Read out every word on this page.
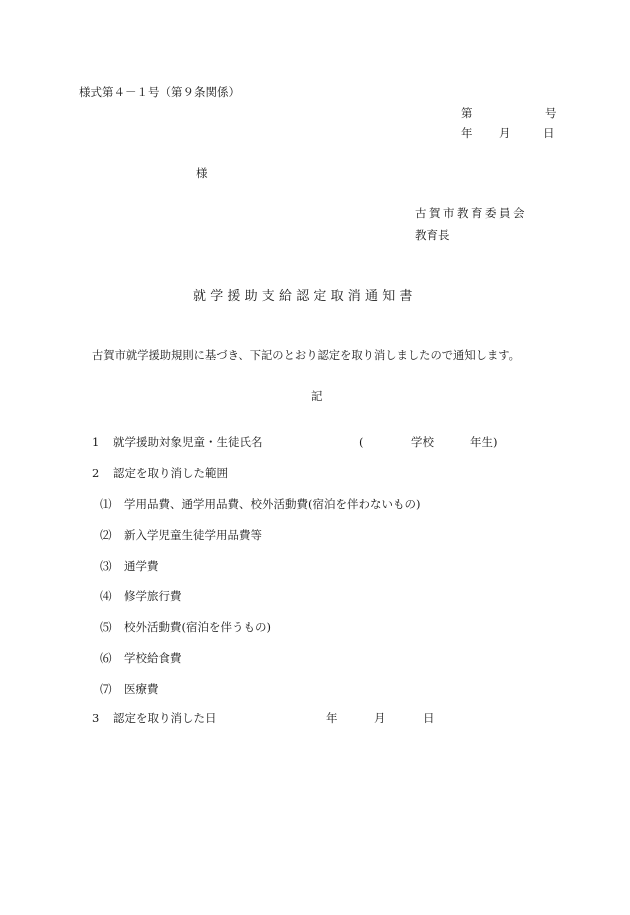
様式第４－１号（第９条関係）
第	号
年 月	日
様
古賀市教育委員会
教育長
就学援助支給認定取消通知書
古賀市就学援助規則に基づき、下記のとおり認定を取り消しましたので通知します。
記
1 就学援助対象児童・生徒氏名	(	学校	年生)
2 認定を取り消した範囲
⑴ 学用品費、通学用品費、校外活動費(宿泊を伴わないもの)
⑵ 新入学児童生徒学用品費等
⑶ 通学費
⑷ 修学旅行費
⑸ 校外活動費(宿泊を伴うもの)
⑹ 学校給食費
⑺ 医療費
3 認定を取り消した日	年	月	日
